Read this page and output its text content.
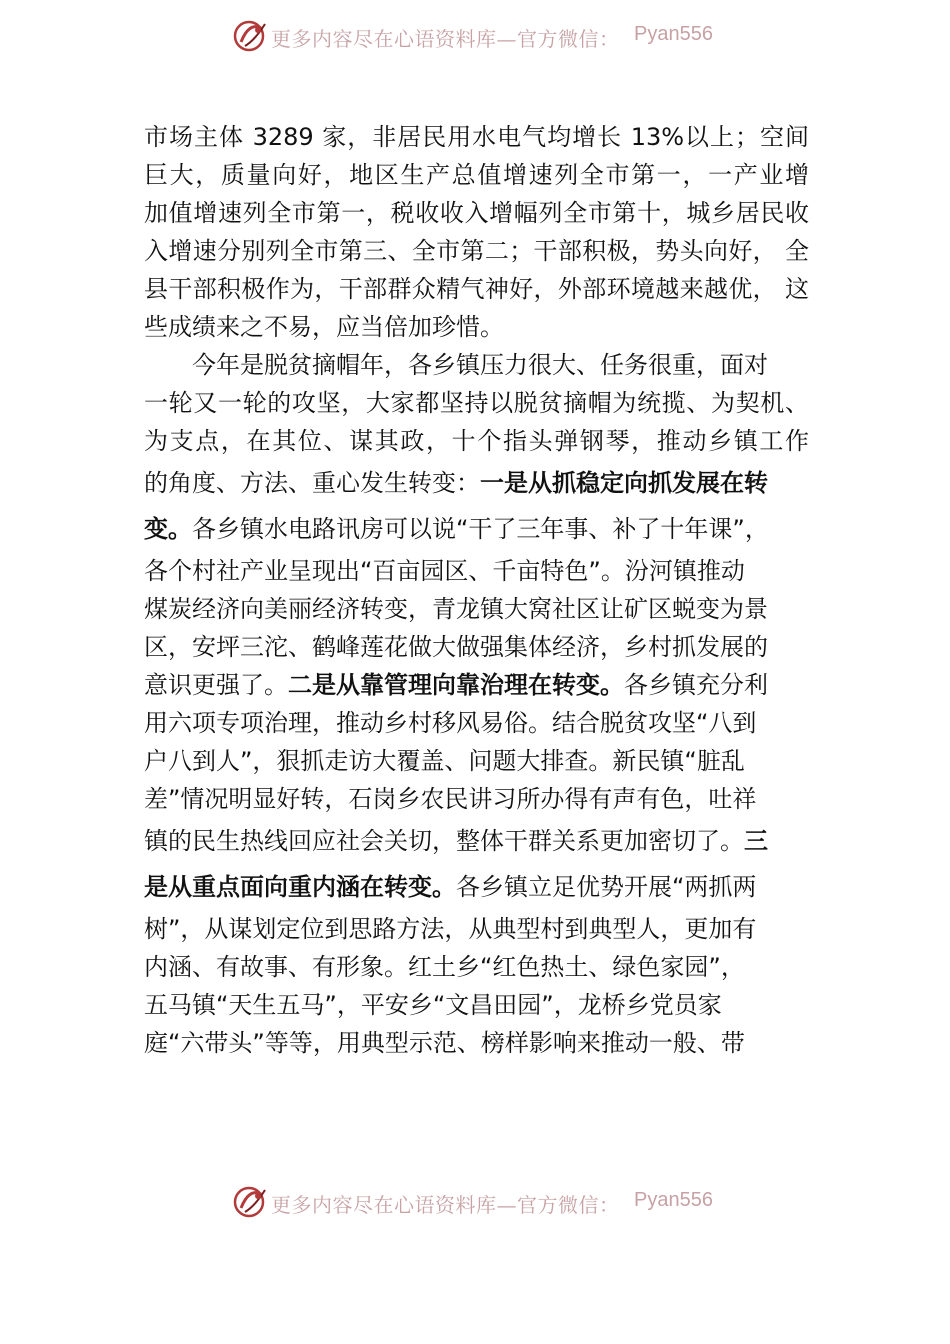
更多内容尽在心语资料库—官方微信： Pyan556
市场主体 3289 家，非居民用水电气均增长 13%以上；空间
巨大，质量向好，地区生产总值增速列全市第一，一产业增
加值增速列全市第一，税收收入增幅列全市第十，城乡居民收
入增速分别列全市第三、全市第二；干部积极，势头向好， 全
县干部积极作为，干部群众精气神好，外部环境越来越优， 这
些成绩来之不易，应当倍加珍惜。
今年是脱贫摘帽年，各乡镇压力很大、任务很重，面对
一轮又一轮的攻坚，大家都坚持以脱贫摘帽为统揽、为契机、
为支点，在其位、谋其政，十个指头弹钢琴，推动乡镇工作
的角度、方法、重心发生转变：一是从抓稳定向抓发展在转
变。各乡镇水电路讯房可以说“干了三年事、补了十年课”，
各个村社产业呈现出“百亩园区、千亩特色”。汾河镇推动
煤炭经济向美丽经济转变，青龙镇大窝社区让矿区蜕变为景
区，安坪三沱、鹤峰莲花做大做强集体经济，乡村抓发展的
意识更强了。二是从靠管理向靠治理在转变。各乡镇充分利
用六项专项治理，推动乡村移风易俗。结合脱贫攻坚“八到
户八到人”，狠抓走访大覆盖、问题大排查。新民镇“脏乱
差”情况明显好转，石岗乡农民讲习所办得有声有色，吐祥
镇的民生热线回应社会关切，整体干群关系更加密切了。三
是从重点面向重内涵在转变。各乡镇立足优势开展“两抓两
树”，从谋划定位到思路方法，从典型村到典型人，更加有
内涵、有故事、有形象。红土乡“红色热土、绿色家园”，
五马镇“天生五马”，平安乡“文昌田园”，龙桥乡党员家
庭“六带头”等等，用典型示范、榜样影响来推动一般、带
更多内容尽在心语资料库—官方微信： Pyan556
